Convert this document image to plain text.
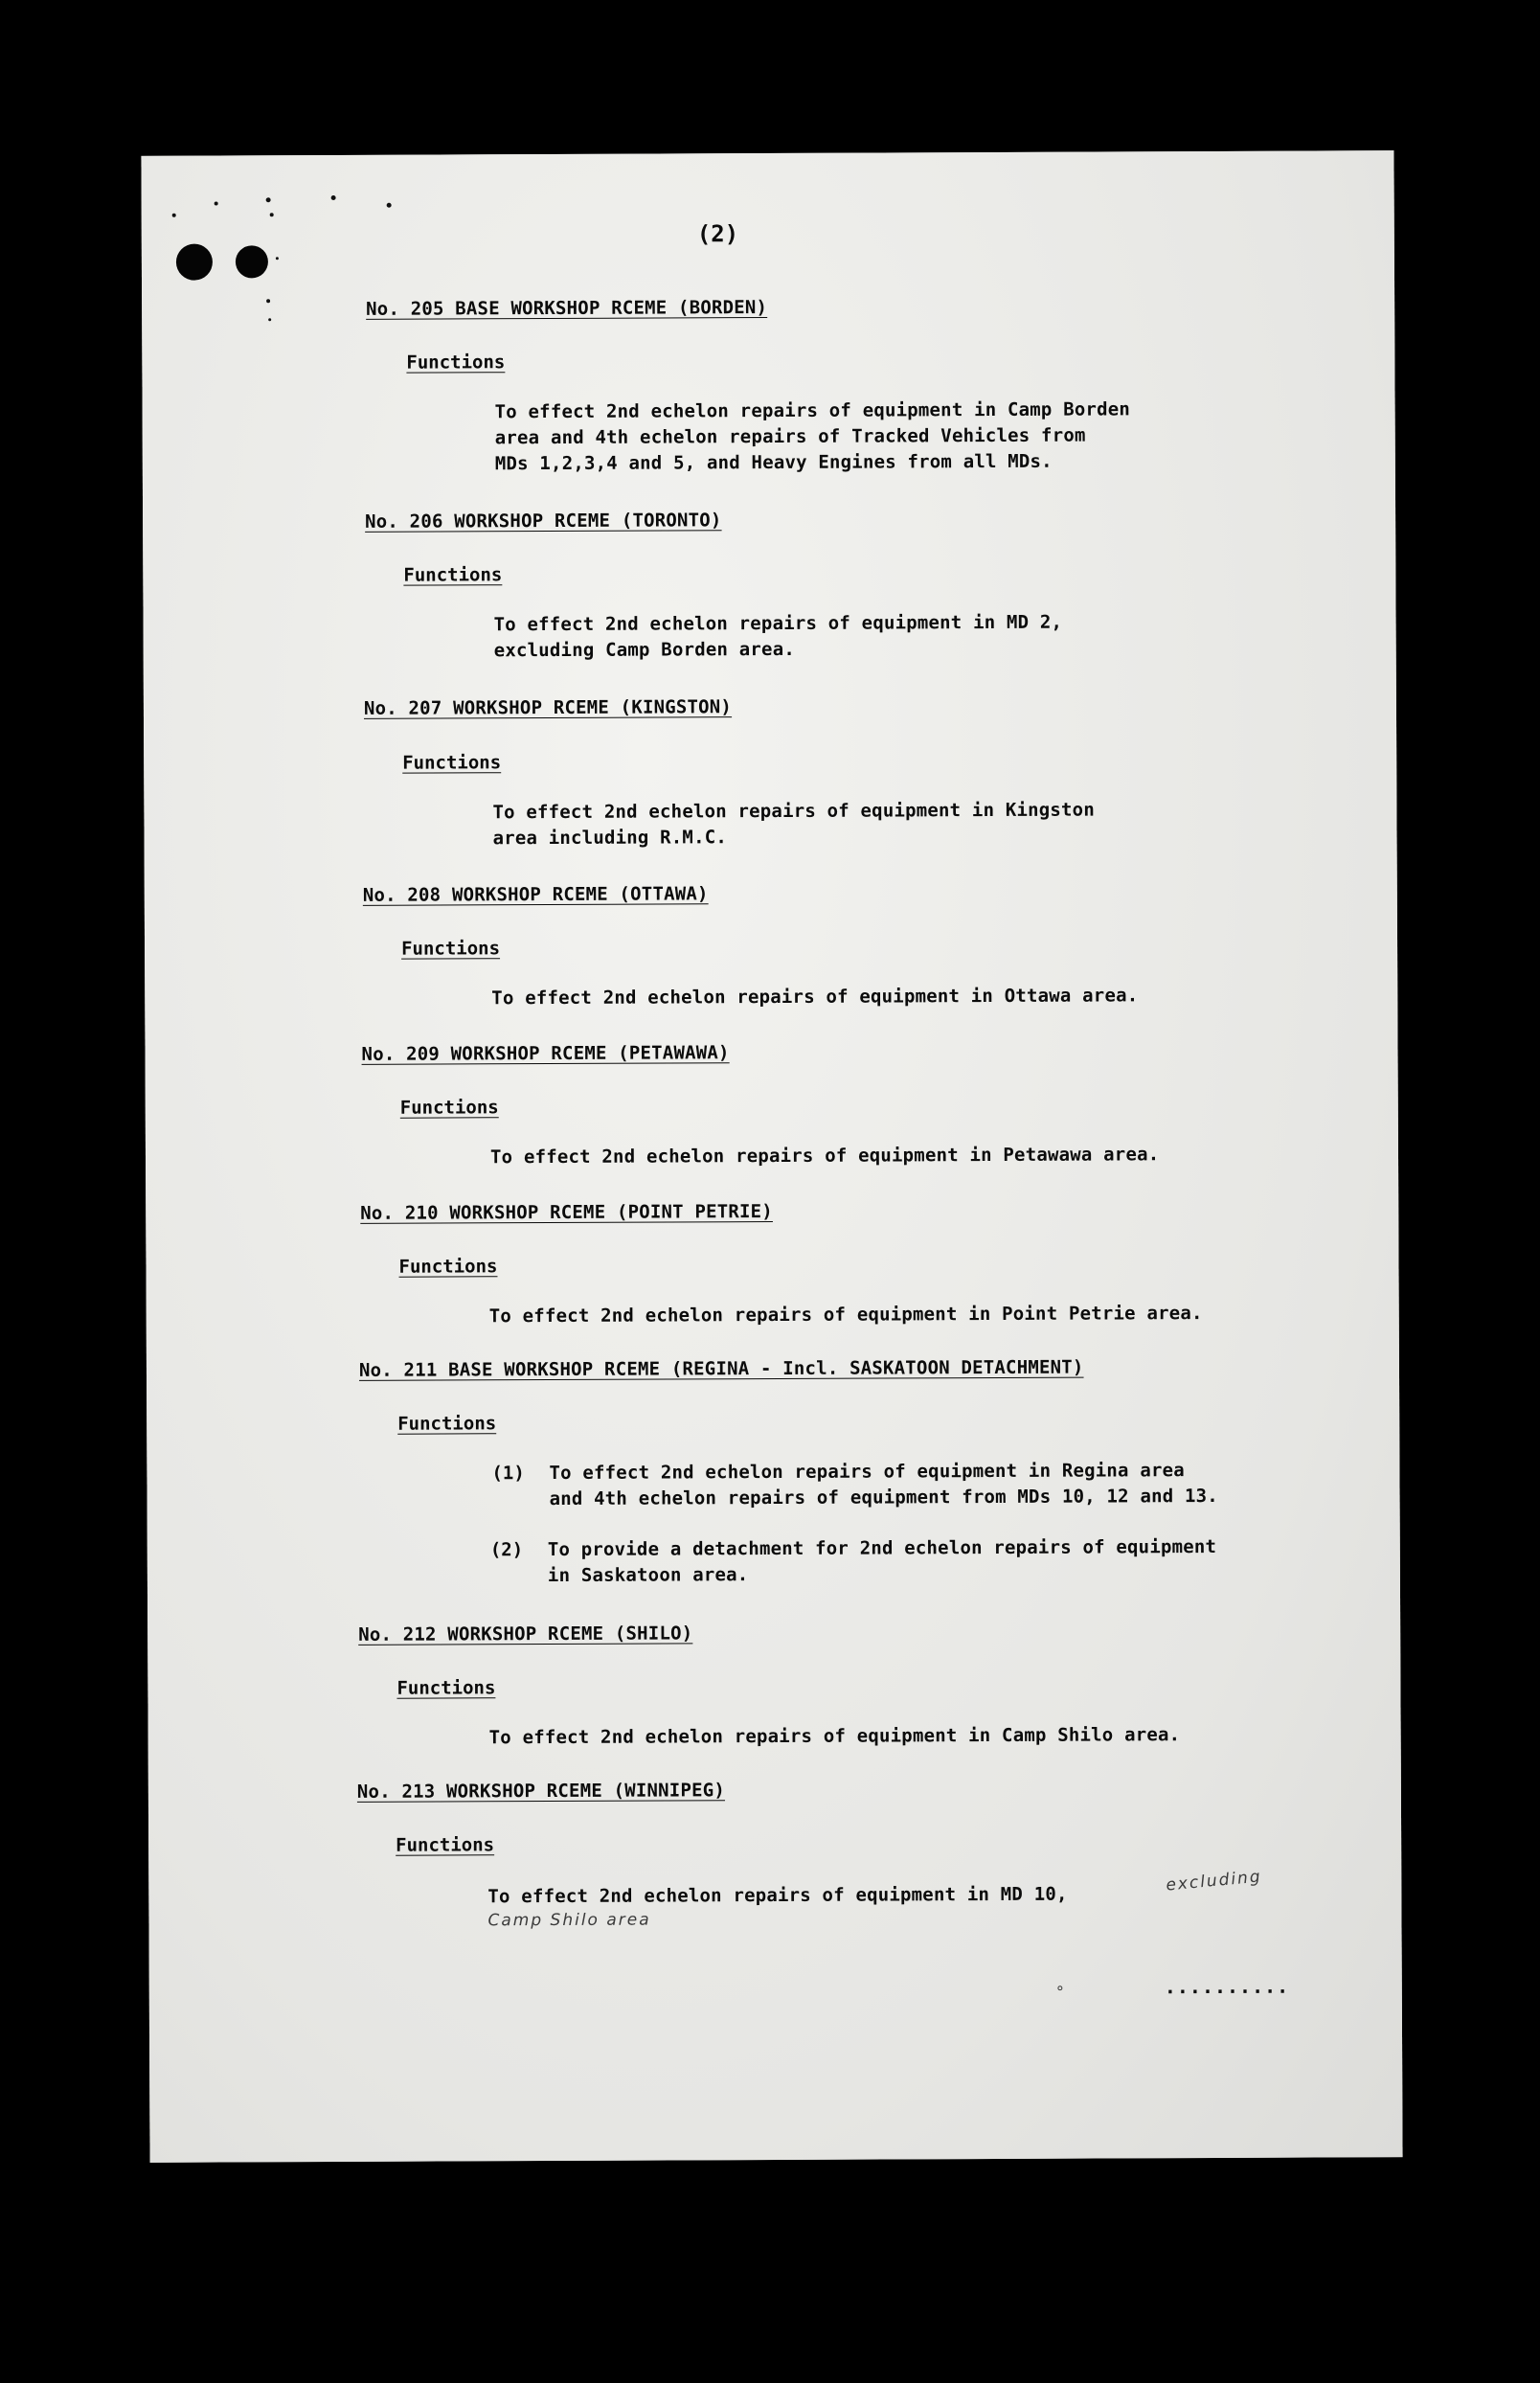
(2)
No. 205 BASE WORKSHOP RCEME (BORDEN)
Functions
To effect 2nd echelon repairs of equipment in Camp Borden
area and 4th echelon repairs of Tracked Vehicles from
MDs 1,2,3,4 and 5, and Heavy Engines from all MDs.
No. 206 WORKSHOP RCEME (TORONTO)
Functions
To effect 2nd echelon repairs of equipment in MD 2,
excluding Camp Borden area.
No. 207 WORKSHOP RCEME (KINGSTON)
Functions
To effect 2nd echelon repairs of equipment in Kingston
area including R.M.C.
No. 208 WORKSHOP RCEME (OTTAWA)
Functions
To effect 2nd echelon repairs of equipment in Ottawa area.
No. 209 WORKSHOP RCEME (PETAWAWA)
Functions
To effect 2nd echelon repairs of equipment in Petawawa area.
No. 210 WORKSHOP RCEME (POINT PETRIE)
Functions
To effect 2nd echelon repairs of equipment in Point Petrie area.
No. 211 BASE WORKSHOP RCEME (REGINA - Incl. SASKATOON DETACHMENT)
Functions
(1) To effect 2nd echelon repairs of equipment in Regina area
and 4th echelon repairs of equipment from MDs 10, 12 and 13.
(2) To provide a detachment for 2nd echelon repairs of equipment
in Saskatoon area.
No. 212 WORKSHOP RCEME (SHILO)
Functions
To effect 2nd echelon repairs of equipment in Camp Shilo area.
No. 213 WORKSHOP RCEME (WINNIPEG)
Functions
To effect 2nd echelon repairs of equipment in MD 10,
excluding
Camp Shilo area
∘	..........
